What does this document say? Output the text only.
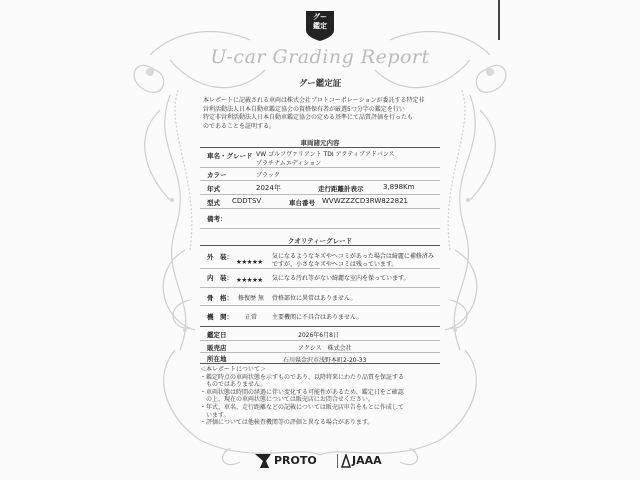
グー
鑑定
U-car Grading Report
グー鑑定証
本レポートに記載される車両は株式会社プロトコーポレーションが委託する特定非
営利活動法人日本自動車鑑定協会の資格保有者が厳選5つ分字の鑑定を行い
特定非営利活動法人日本自動車鑑定協会の定める基準にて品質評価を行ったも
のであることを証明する。
車両諸元内容
車名・グレード VW ゴルフヴァリアント TDI アクティブアドバンス
プラチナムエディション
カラー	ブラック
年式	2024年	走行距離計表示	3,898Km
型式 CDDTSV	車台番号 WVWZZZCD3RW822821
備考：
クオリティーグレード
外　装：
★★★★★
気になるようなキズやヘコミがあった場合は綺麗に補修済み
ですが、小さなキズやヘコミは残っています。
内　装： ★★★★★ 気になる汚れ等がない綺麗な室内を保っています。
骨　格： 修復歴 無 骨格部位に異常はありません。
機　関： 正常 主要機関に不具合はありません。
鑑定日	2026年6月8日
販売店	アクシス　株式会社
所在地	石川県金沢市浅野本町2-20-33
＜本レポートについて＞
・鑑定時点の車両状態を示すものであり、以降将来にわたり品質を保証する
　ものではありません。
・車両状態は時間の経過に伴い変化する可能性があるため、鑑定日をご確認
　の上、現在の車両状態については販売店にお問合せください。
・年式、車名、走行距離などの記載については販売店申告をもとに作成して
　います。
・評価については他検査機関等の評価と異なる場合があります。
PROTO	JAAA
